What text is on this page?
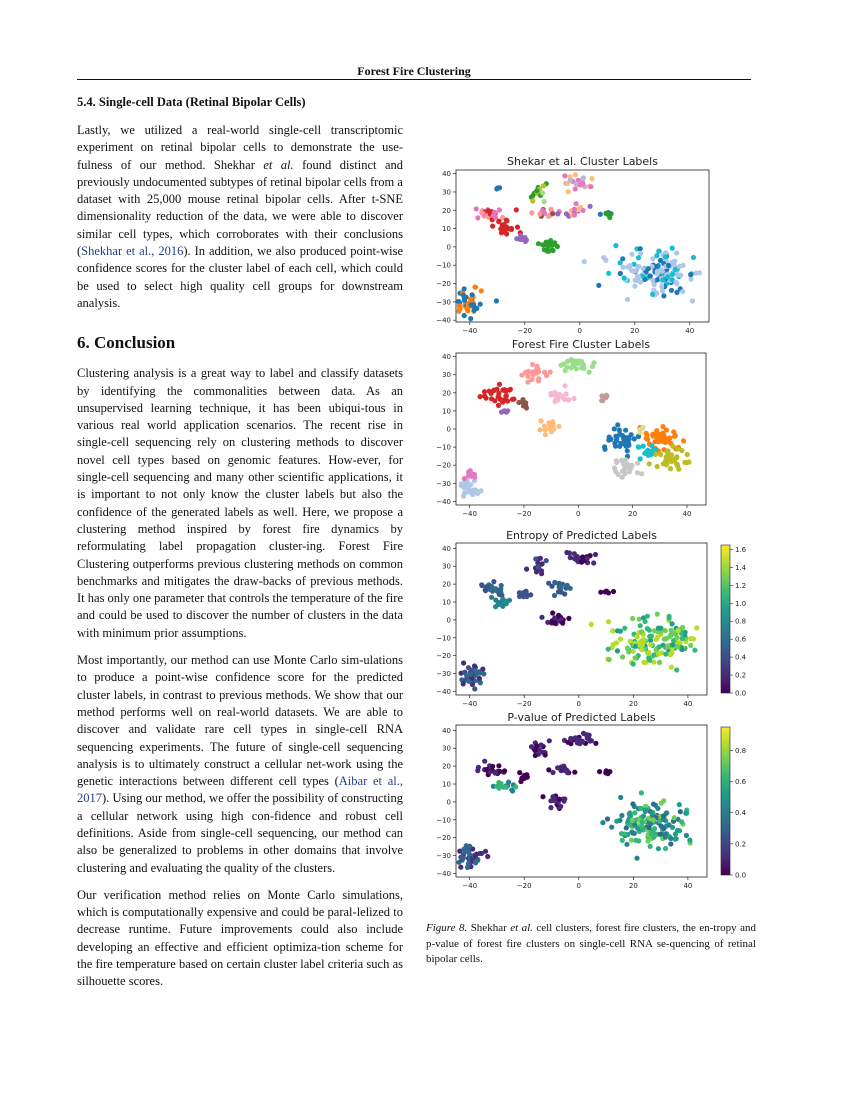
Forest Fire Clustering
5.4. Single-cell Data (Retinal Bipolar Cells)

Lastly, we utilized a real-world single-cell transcriptomic experiment on retinal bipolar cells to demonstrate the use-fulness of our method. Shekhar et al. found distinct and previously undocumented subtypes of retinal bipolar cells from a dataset with 25,000 mouse retinal bipolar cells. After t-SNE dimensionality reduction of the data, we were able to discover similar cell types, which corroborates with their conclusions (Shekhar et al., 2016). In addition, we also produced point-wise confidence scores for the cluster label of each cell, which could be used to select high quality cell groups for downstream analysis.

6. Conclusion

Clustering analysis is a great way to label and classify datasets by identifying the commonalities between data. As an unsupervised learning technique, it has been ubiqui-tous in various real world application scenarios. The recent rise in single-cell sequencing rely on clustering methods to discover novel cell types based on genomic features. How-ever, for single-cell sequencing and many other scientific applications, it is important to not only know the cluster labels but also the confidence of the generated labels as well. Here, we propose a clustering method inspired by forest fire dynamics by reformulating label propagation cluster-ing. Forest Fire Clustering outperforms previous clustering methods on common benchmarks and mitigates the draw-backs of previous methods. It has only one parameter that controls the temperature of the fire and could be used to discover the number of clusters in the data with minimum prior assumptions.

Most importantly, our method can use Monte Carlo sim-ulations to produce a point-wise confidence score for the predicted cluster labels, in contrast to previous methods. We show that our method performs well on real-world datasets. We are able to discover and validate rare cell types in single-cell RNA sequencing experiments. The future of single-cell sequencing analysis is to ultimately construct a cellular net-work using the genetic interactions between different cell types (Aibar et al., 2017). Using our method, we offer the possibility of constructing a cellular network using high con-fidence and robust cell definitions. Aside from single-cell sequencing, our method can also be generalized to problems in other domains that involve clustering and evaluating the quality of the clusters.

Our verification method relies on Monte Carlo simulations, which is computationally expensive and could be paral-lelized to decrease runtime. Future improvements could also include developing an effective and efficient optimiza-tion scheme for the fire temperature based on certain cluster label criteria such as silhouette scores.

Shekar et al. Cluster Labels
−40	−20	0	20	40
40
30
20
10
0
−10
−20
−30
−40
Forest Fire Cluster Labels
−40	−20	0	20	40
40
30
20
10
0
−10
−20
−30
−40
Entropy of Predicted Labels
−40	−20	0	20	40
40
30
20
10
0
−10
−20
−30
−40
1.6
1.4
1.2
1.0
0.8
0.6
0.4
0.2
0.0
P-value of Predicted Labels
−40	−20	0	20	40
40
30
20
10
0
−10
−20
−30
−40
0.8
0.6
0.4
0.2
0.0
Figure 8. Shekhar et al. cell clusters, forest fire clusters, the en-tropy and p-value of forest fire clusters on single-cell RNA se-quencing of retinal bipolar cells.
